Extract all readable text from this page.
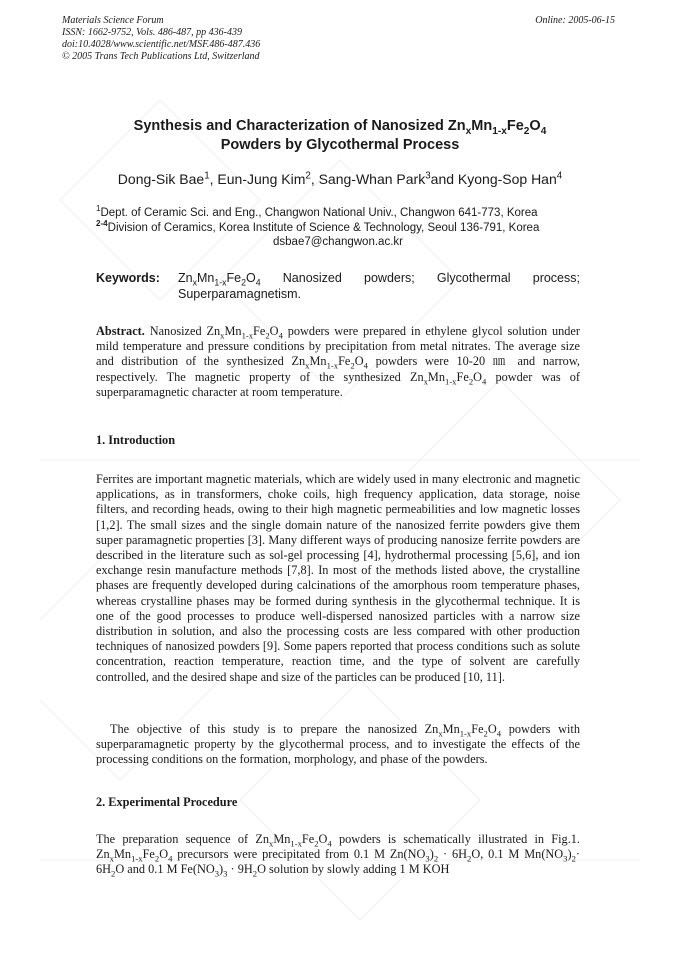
Materials Science Forum
ISSN: 1662-9752, Vols. 486-487, pp 436-439
doi:10.4028/www.scientific.net/MSF.486-487.436
© 2005 Trans Tech Publications Ltd, Switzerland
Online: 2005-06-15
Synthesis and Characterization of Nanosized $Zn_xMn_{1-x}Fe_2O_4$
Powders by Glycothermal Process
Dong-Sik Bae$^1$, Eun-Jung Kim$^2$, Sang-Whan Park$^3$and Kyong-Sop Han$^4$
$^1$Dept. of Ceramic Sci. and Eng., Changwon National Univ., Changwon 641-773, Korea
$^{2-4}$Division of Ceramics, Korea Institute of Science & Technology, Seoul 136-791, Korea
dsbae7@changwon.ac.kr
Keywords: $Zn_xMn_{1-x}Fe_2O_4$ Nanosized powders; Glycothermal process; Superparamagnetism.
Abstract. Nanosized $Zn_xMn_{1-x}Fe_2O_4$ powders were prepared in ethylene glycol solution under mild temperature and pressure conditions by precipitation from metal nitrates. The average size and distribution of the synthesized $Zn_xMn_{1-x}Fe_2O_4$ powders were 10-20 ㎚ and narrow, respectively. The magnetic property of the synthesized $Zn_xMn_{1-x}Fe_2O_4$ powder was of superparamagnetic character at room temperature.
1. Introduction
Ferrites are important magnetic materials, which are widely used in many electronic and magnetic applications, as in transformers, choke coils, high frequency application, data storage, noise filters, and recording heads, owing to their high magnetic permeabilities and low magnetic losses [1,2]. The small sizes and the single domain nature of the nanosized ferrite powders give them super paramagnetic properties [3]. Many different ways of producing nanosize ferrite powders are described in the literature such as sol-gel processing [4], hydrothermal processing [5,6], and ion exchange resin manufacture methods [7,8]. In most of the methods listed above, the crystalline phases are frequently developed during calcinations of the amorphous room temperature phases, whereas crystalline phases may be formed during synthesis in the glycothermal technique. It is one of the good processes to produce well-dispersed nanosized particles with a narrow size distribution in solution, and also the processing costs are less compared with other production techniques of nanosized powders [9]. Some papers reported that process conditions such as solute concentration, reaction temperature, reaction time, and the type of solvent are carefully controlled, and the desired shape and size of the particles can be produced [10, 11].
The objective of this study is to prepare the nanosized $Zn_xMn_{1-x}Fe_2O_4$ powders with superparamagnetic property by the glycothermal process, and to investigate the effects of the processing conditions on the formation, morphology, and phase of the powders.
2. Experimental Procedure
The preparation sequence of $Zn_xMn_{1-x}Fe_2O_4$ powders is schematically illustrated in Fig.1. $Zn_xMn_{1-x}Fe_2O_4$ precursors were precipitated from 0.1 M $Zn(NO_3)_2 \cdot 6H_2O$, 0.1 M $Mn(NO_3)_2\cdot 6H_2O$ and 0.1 M $Fe(NO_3)_3 \cdot 9H_2O$ solution by slowly adding 1 M KOH
